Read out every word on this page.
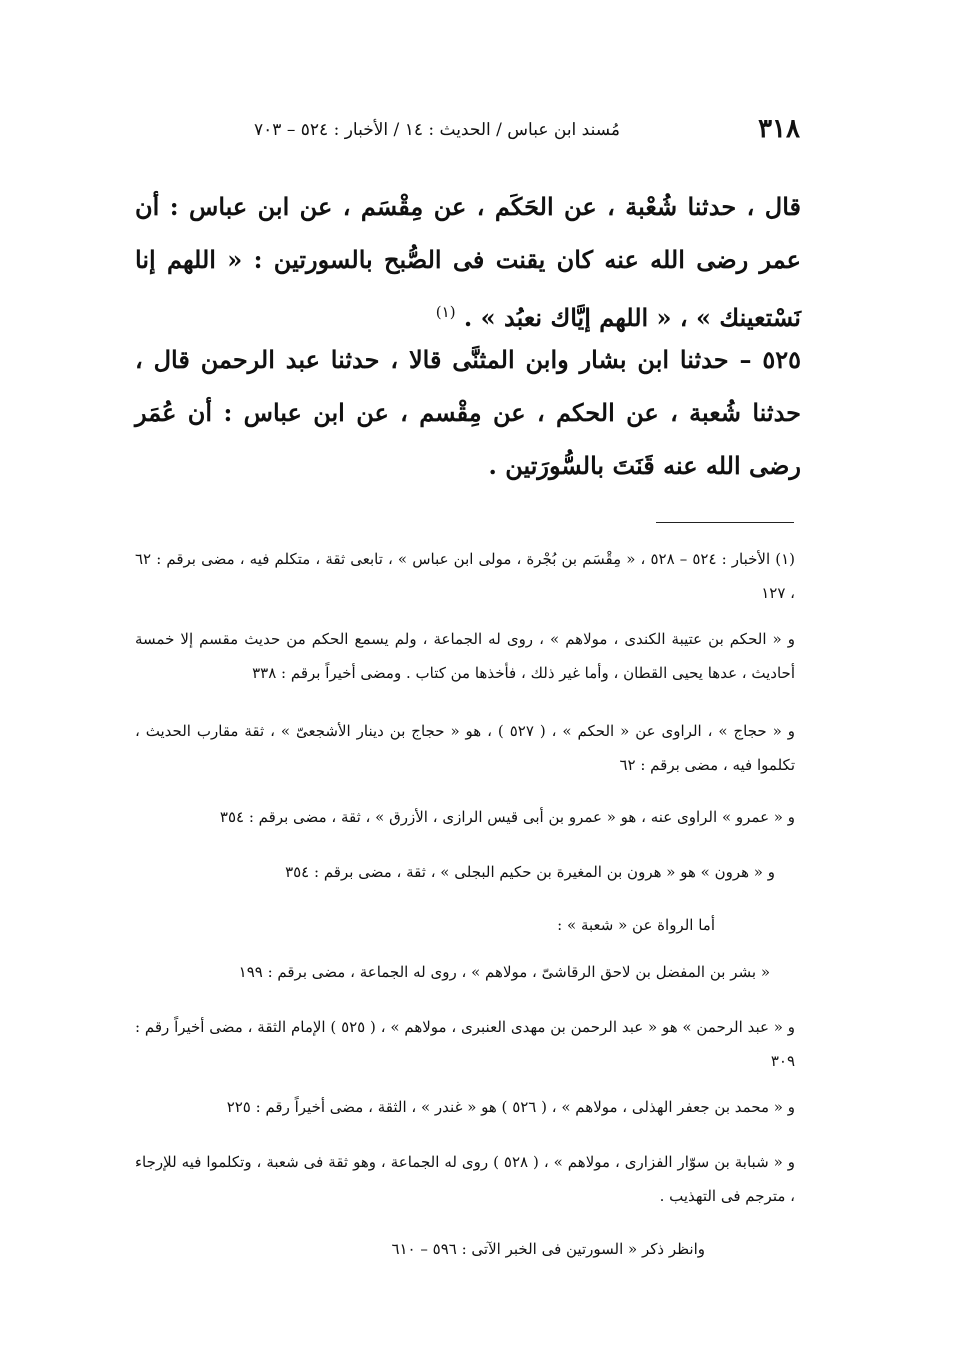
٣١٨
مُسند ابن عباس / الحديث : ١٤ / الأخبار : ٥٢٤ – ٧٠٣
قال ، حدثنا شُعْبة ، عن الحَكَم ، عن مِقْسَم ، عن ابن عباس : أن عمر رضى الله عنه كان يقنت فى الصُّبح بالسورتين : « اللهم إنا نَسْتعينك » ، « اللهم إيَّاك نعبُد » . $^{(١)}$
٥٢٥ – حدثنا ابن بشار وابن المثنَّى قالا ، حدثنا عبد الرحمن قال ، حدثنا شُعبة ، عن الحكم ، عن مِقْسم ، عن ابن عباس : أن عُمَر رضى الله عنه قَنَتَ بالسُّورَتين .
(١) الأخبار : ٥٢٤ – ٥٢٨ ، « مِقْسَم بن بُجْرة ، مولى ابن عباس » ، تابعى ثقة ، متكلم فيه ، مضى برقم : ٦٢ ، ١٢٧
و « الحكم بن عتيبة الكندى ، مولاهم » ، روى له الجماعة ، ولم يسمع الحكم من حديث مقسم إلا خمسة أحاديث ، عدها يحيى القطان ، وأما غير ذلك ، فأخذها من كتاب . ومضى أخيراً برقم : ٣٣٨
و « حجاج » ، الراوى عن « الحكم » ، ( ٥٢٧ ) ، هو « حجاج بن دينار الأشجعىّ » ، ثقة مقارب الحديث ، تكلموا فيه ، مضى برقم : ٦٢
و « عمرو » الراوى عنه ، هو « عمرو بن أبى قيس الرازى ، الأزرق » ، ثقة ، مضى برقم : ٣٥٤
و « هرون » هو « هرون بن المغيرة بن حكيم البجلى » ، ثقة ، مضى برقم : ٣٥٤
أما الرواة عن « شعبة » :
« بشر بن المفضل بن لاحق الرقاشىّ ، مولاهم » ، روى له الجماعة ، مضى برقم : ١٩٩
و « عبد الرحمن » هو « عبد الرحمن بن مهدى العنبرى ، مولاهم » ، ( ٥٢٥ ) الإمام الثقة ، مضى أخيراً رقم : ٣٠٩
و « محمد بن جعفر الهذلى ، مولاهم » ، ( ٥٢٦ ) هو « غندر » ، الثقة ، مضى أخيراً رقم : ٢٢٥
و « شبابة بن سوّار الفزارى ، مولاهم » ، ( ٥٢٨ ) روى له الجماعة ، وهو ثقة فى شعبة ، وتكلموا فيه للإرجاء ، مترجم فى التهذيب .
وانظر ذكر « السورتين فى الخبر الآتى : ٥٩٦ – ٦١٠
